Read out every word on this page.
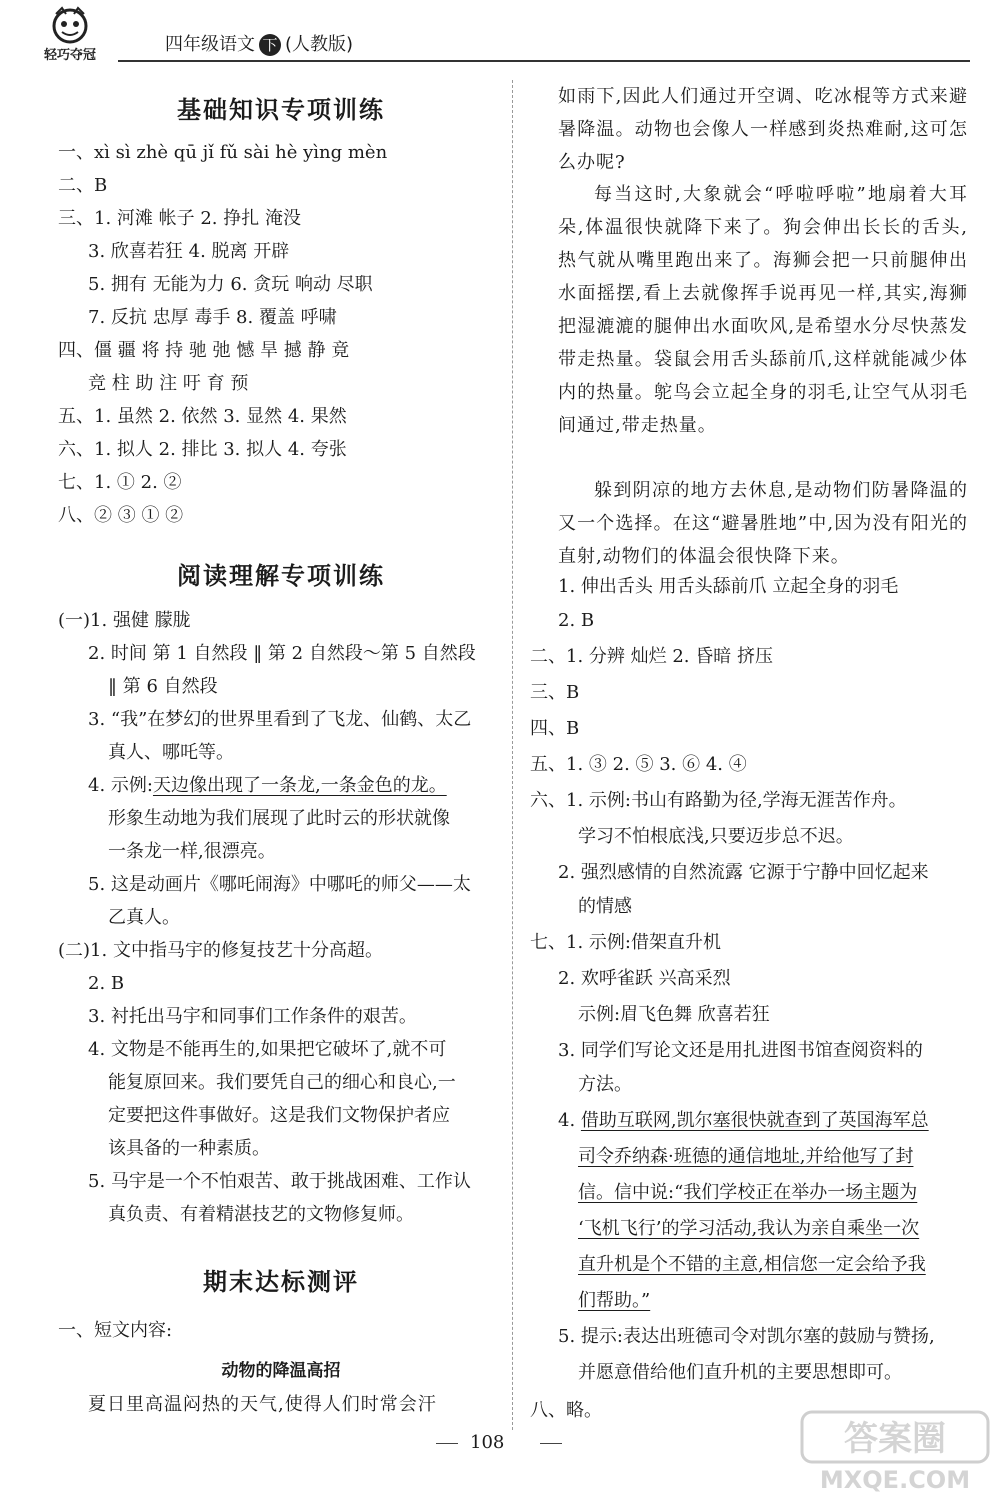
轻巧夺冠
四年级语文 下 (人教版)
基础知识专项训练
一、xì sì zhè qū jǐ fǔ sài hè yìng mèn
二、B
三、1. 河滩 帐子 2. 挣扎 淹没
3. 欣喜若狂 4. 脱离 开辟
5. 拥有 无能为力 6. 贪玩 响动 尽职
7. 反抗 忠厚 毒手 8. 覆盖 呼啸
四、僵 疆 将 持 驰 弛 憾 旱 撼 静 竟
竞 柱 助 注 吁 育 预
五、1. 虽然 2. 依然 3. 显然 4. 果然
六、1. 拟人 2. 排比 3. 拟人 4. 夸张
七、1. ① 2. ②
八、② ③ ① ②
阅读理解专项训练
(一)1. 强健 朦胧
2. 时间 第 1 自然段 ‖ 第 2 自然段～第 5 自然段
‖ 第 6 自然段
3. “我”在梦幻的世界里看到了飞龙、仙鹤、太乙
真人、哪吒等。
4. 示例:天边像出现了一条龙,一条金色的龙。
形象生动地为我们展现了此时云的形状就像
一条龙一样,很漂亮。
5. 这是动画片《哪吒闹海》中哪吒的师父——太
乙真人。
(二)1. 文中指马宇的修复技艺十分高超。
2. B
3. 衬托出马宇和同事们工作条件的艰苦。
4. 文物是不能再生的,如果把它破坏了,就不可
能复原回来。我们要凭自己的细心和良心,一
定要把这件事做好。这是我们文物保护者应
该具备的一种素质。
5. 马宇是一个不怕艰苦、敢于挑战困难、工作认
真负责、有着精湛技艺的文物修复师。
期末达标测评
一、短文内容:
动物的降温高招
夏日里高温闷热的天气,使得人们时常会汗
如雨下,因此人们通过开空调、吃冰棍等方式来避暑降温。动物也会像人一样感到炎热难耐,这可怎么办呢?
每当这时,大象就会“呼啦呼啦”地扇着大耳朵,体温很快就降下来了。狗会伸出长长的舌头,热气就从嘴里跑出来了。海狮会把一只前腿伸出水面摇摆,看上去就像挥手说再见一样,其实,海狮把湿漉漉的腿伸出水面吹风,是希望水分尽快蒸发带走热量。袋鼠会用舌头舔前爪,这样就能减少体内的热量。鸵鸟会立起全身的羽毛,让空气从羽毛间通过,带走热量。
躲到阴凉的地方去休息,是动物们防暑降温的又一个选择。在这“避暑胜地”中,因为没有阳光的直射,动物们的体温会很快降下来。
1. 伸出舌头 用舌头舔前爪 立起全身的羽毛
2. B
二、1. 分辨 灿烂 2. 昏暗 挤压
三、B
四、B
五、1. ③ 2. ⑤ 3. ⑥ 4. ④
六、1. 示例:书山有路勤为径,学海无涯苦作舟。
学习不怕根底浅,只要迈步总不迟。
2. 强烈感情的自然流露 它源于宁静中回忆起来
的情感
七、1. 示例:借架直升机
2. 欢呼雀跃 兴高采烈
示例:眉飞色舞 欣喜若狂
3. 同学们写论文还是用扎进图书馆查阅资料的
方法。
4. 借助互联网,凯尔塞很快就查到了英国海军总
司令乔纳森·班德的通信地址,并给他写了封
信。信中说:“我们学校正在举办一场主题为
‘飞机飞行’的学习活动,我认为亲自乘坐一次
直升机是个不错的主意,相信您一定会给予我
们帮助。”
5. 提示:表达出班德司令对凯尔塞的鼓励与赞扬,
并愿意借给他们直升机的主要思想即可。
八、略。
108	答案圈
MXQE.COM
